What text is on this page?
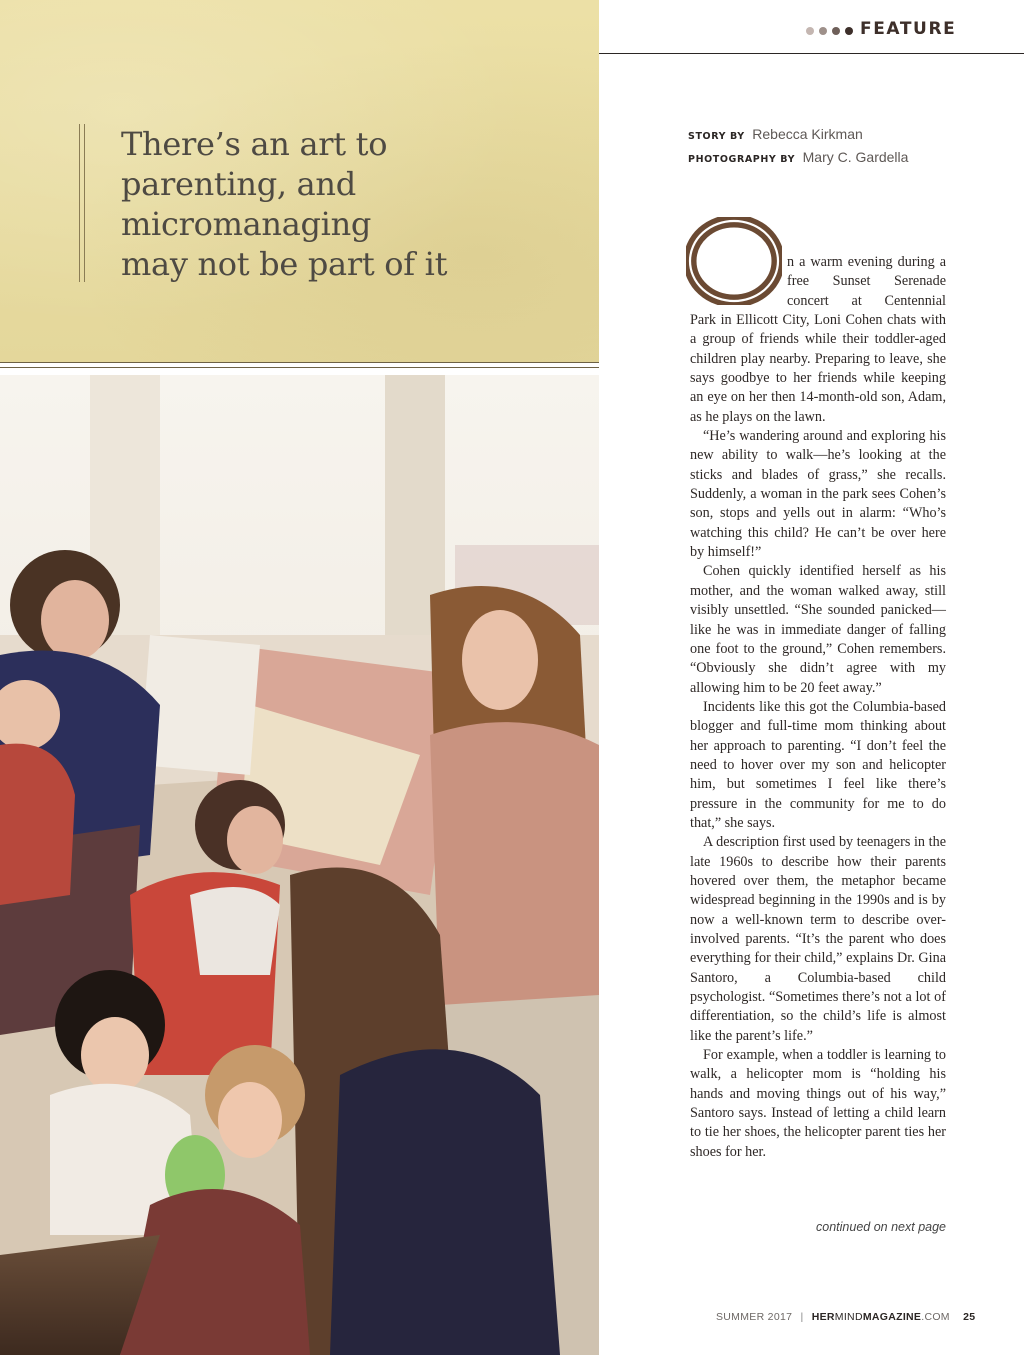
There’s an art to
parenting, and
micromanaging
may not be part of it
FEATURE
STORY BY Rebecca Kirkman
PHOTOGRAPHY BY Mary C. Gardella
O
n a warm evening during a free Sunset Serenade concert at Centennial
Park in Ellicott City, Loni Cohen chats with a group of friends while their toddler-aged children play nearby. Preparing to leave, she says goodbye to her friends while keeping an eye on her then 14-month-old son, Adam, as he plays on the lawn.

“He’s wandering around and exploring his new ability to walk—he’s looking at the sticks and blades of grass,” she recalls. Suddenly, a woman in the park sees Cohen’s son, stops and yells out in alarm: “Who’s watching this child? He can’t be over here by himself!”

Cohen quickly identified herself as his mother, and the woman walked away, still visibly unsettled. “She sounded panicked—like he was in immediate danger of falling one foot to the ground,” Cohen remembers. “Obviously she didn’t agree with my allowing him to be 20 feet away.”

Incidents like this got the Columbia-based blogger and full-time mom thinking about her approach to parenting. “I don’t feel the need to hover over my son and helicopter him, but sometimes I feel like there’s pressure in the community for me to do that,” she says.

A description first used by teenagers in the late 1960s to describe how their parents hovered over them, the metaphor became widespread beginning in the 1990s and is by now a well-known term to describe over-involved parents. “It’s the parent who does everything for their child,” explains Dr. Gina Santoro, a Columbia-based child psychologist. “Sometimes there’s not a lot of differentiation, so the child’s life is almost like the parent’s life.”

For example, when a toddler is learning to walk, a helicopter mom is “holding his hands and moving things out of his way,” Santoro says. Instead of letting a child learn to tie her shoes, the helicopter parent ties her shoes for her.

continued on next page
SUMMER 2017 | HERMINDMAGAZINE.COM 25
